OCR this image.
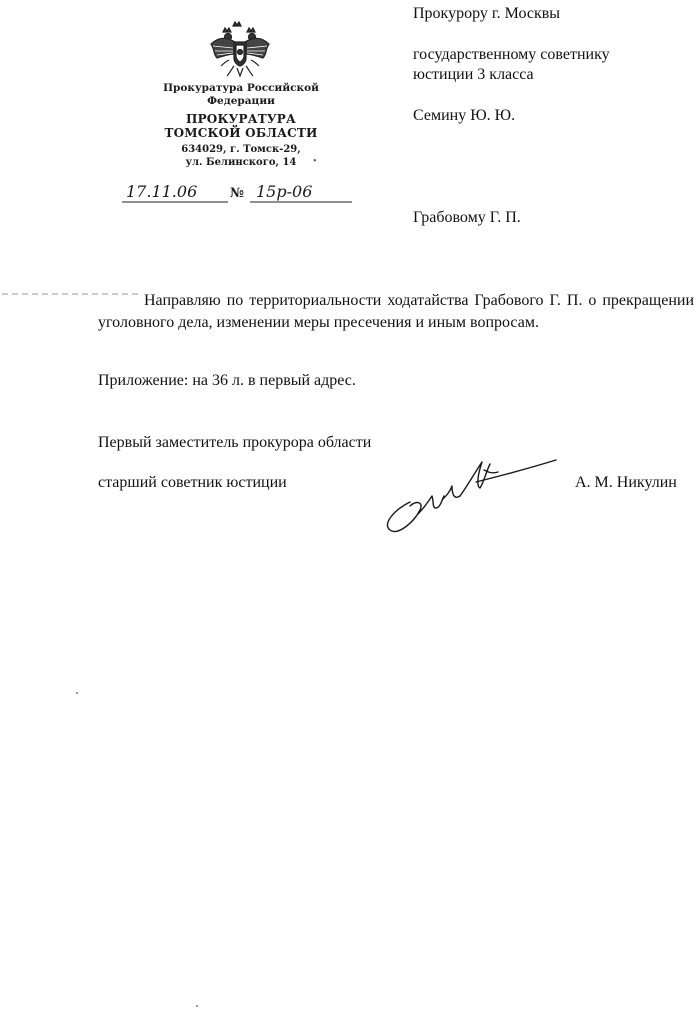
Прокуратура Российской
Федерации
ПРОКУРАТУРА
ТОМСКОЙ ОБЛАСТИ
634029, г. Томск-29,
ул. Белинского, 14	•
17.11.06	№ 15р-06
Прокурору г. Москвы
государственному советнику
юстиции 3 класса
Семину Ю. Ю.
Грабовому Г. П.
Направляю по территориальности ходатайства Грабового Г. П. о прекращении уголовного дела, изменении меры пресечения и иным вопросам.
Приложение: на 36 л. в первый адрес.
Первый заместитель прокурора области
старший советник юстиции	А. М. Никулин
